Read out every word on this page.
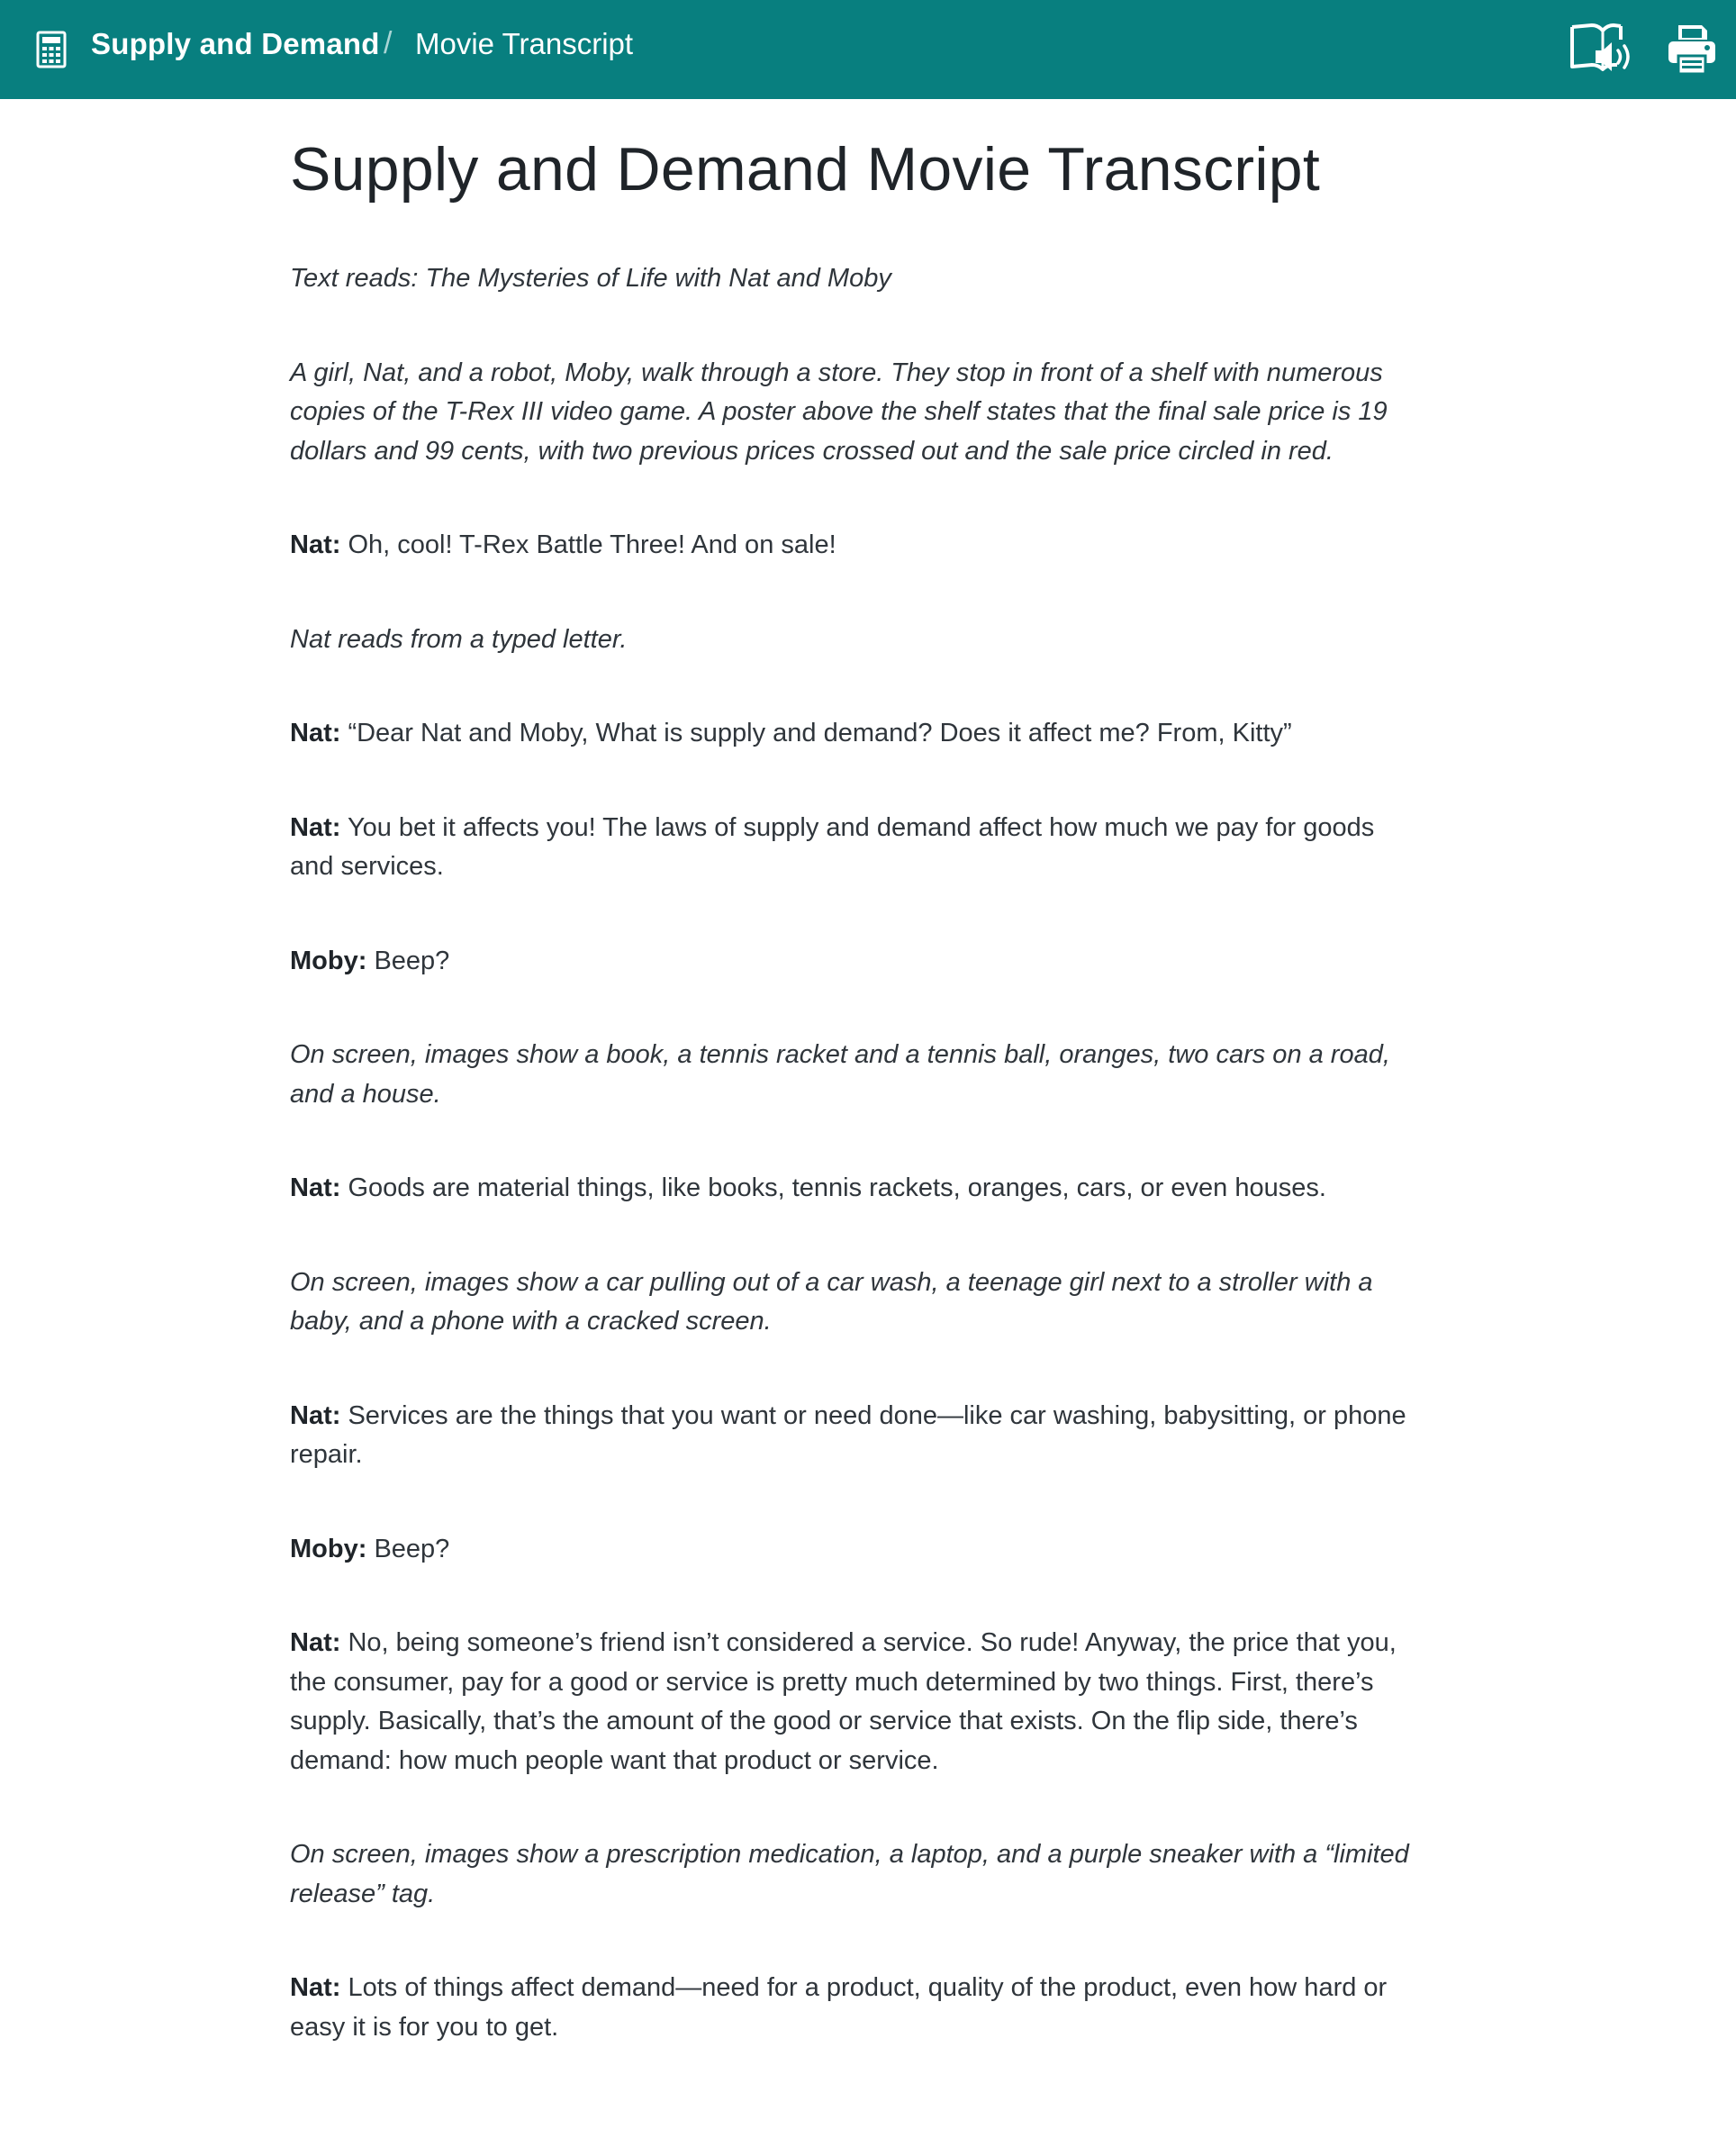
Supply and Demand / Movie Transcript
Supply and Demand Movie Transcript

Text reads: The Mysteries of Life with Nat and Moby

A girl, Nat, and a robot, Moby, walk through a store. They stop in front of a shelf with numerous copies of the T-Rex III video game. A poster above the shelf states that the final sale price is 19 dollars and 99 cents, with two previous prices crossed out and the sale price circled in red.

Nat: Oh, cool! T-Rex Battle Three! And on sale!

Nat reads from a typed letter.

Nat: “Dear Nat and Moby, What is supply and demand? Does it affect me? From, Kitty”

Nat: You bet it affects you! The laws of supply and demand affect how much we pay for goods and services.

Moby: Beep?

On screen, images show a book, a tennis racket and a tennis ball, oranges, two cars on a road, and a house.

Nat: Goods are material things, like books, tennis rackets, oranges, cars, or even houses.

On screen, images show a car pulling out of a car wash, a teenage girl next to a stroller with a baby, and a phone with a cracked screen.

Nat: Services are the things that you want or need done—like car washing, babysitting, or phone repair.

Moby: Beep?

Nat: No, being someone’s friend isn’t considered a service. So rude! Anyway, the price that you, the consumer, pay for a good or service is pretty much determined by two things. First, there’s supply. Basically, that’s the amount of the good or service that exists. On the flip side, there’s demand: how much people want that product or service.

On screen, images show a prescription medication, a laptop, and a purple sneaker with a “limited release” tag.

Nat: Lots of things affect demand—need for a product, quality of the product, even how hard or easy it is for you to get.
